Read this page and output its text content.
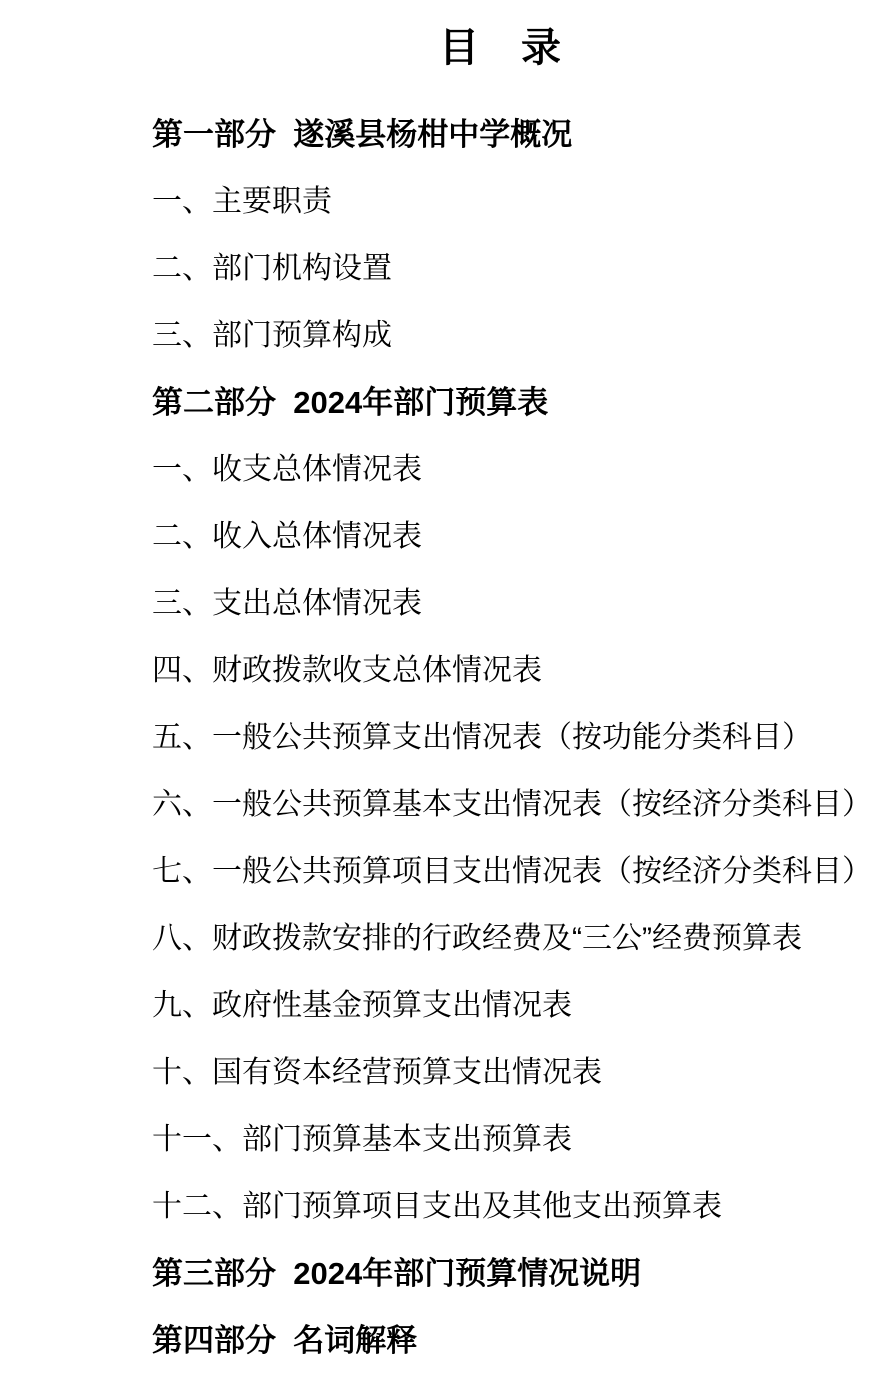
目　录
第一部分  遂溪县杨柑中学概况
一、主要职责
二、部门机构设置
三、部门预算构成
第二部分  2024年部门预算表
一、收支总体情况表
二、收入总体情况表
三、支出总体情况表
四、财政拨款收支总体情况表
五、一般公共预算支出情况表（按功能分类科目）
六、一般公共预算基本支出情况表（按经济分类科目）
七、一般公共预算项目支出情况表（按经济分类科目）
八、财政拨款安排的行政经费及“三公”经费预算表
九、政府性基金预算支出情况表
十、国有资本经营预算支出情况表
十一、部门预算基本支出预算表
十二、部门预算项目支出及其他支出预算表
第三部分  2024年部门预算情况说明
第四部分  名词解释
